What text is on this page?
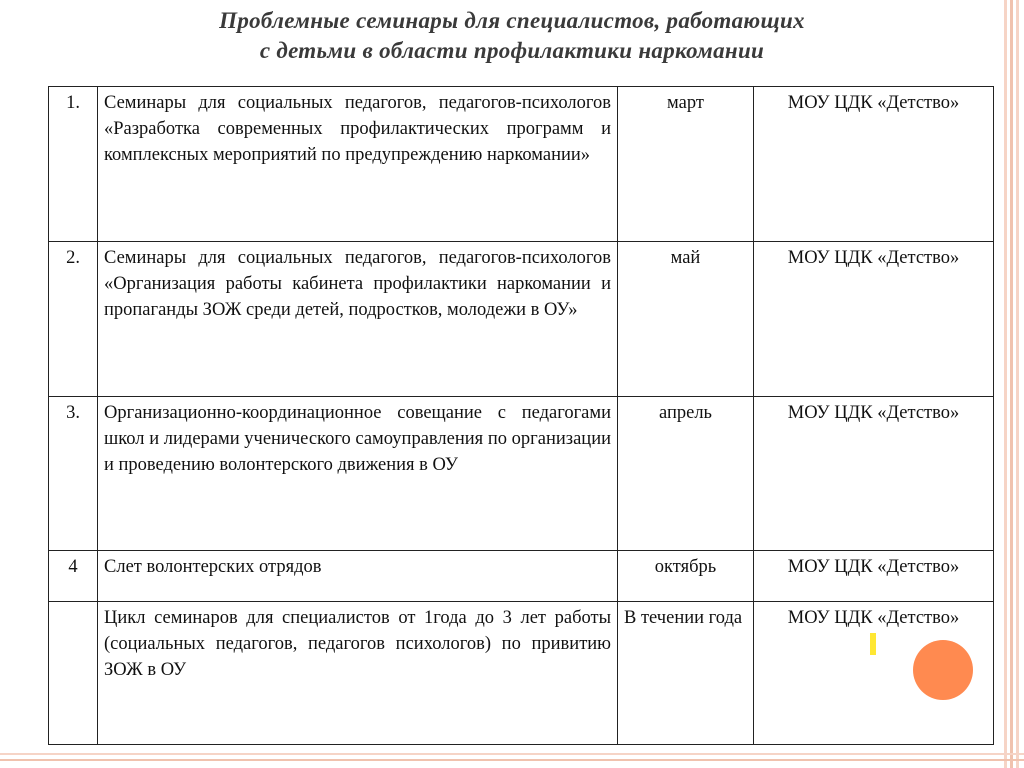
Проблемные семинары для специалистов, работающих
с детьми в области профилактики наркомании
1.	Семинары для социальных педагогов, педагогов-психологов «Разработка современных профилактических программ и комплексных мероприятий по предупреждению наркомании»	март	МОУ ЦДК «Детство»
2.	Семинары для социальных педагогов, педагогов-психологов «Организация работы кабинета профилактики наркомании и пропаганды ЗОЖ среди детей, подростков, молодежи в ОУ»	май	МОУ ЦДК «Детство»
3.	Организационно-координационное совещание с педагогами школ и лидерами ученического самоуправления по организации и проведению волонтерского движения в ОУ	апрель	МОУ ЦДК «Детство»
4	Слет волонтерских отрядов	октябрь	МОУ ЦДК «Детство»
	Цикл семинаров для специалистов от 1года до 3 лет работы (социальных педагогов, педагогов психологов) по привитию ЗОЖ в ОУ	В течении года	МОУ ЦДК «Детство»
